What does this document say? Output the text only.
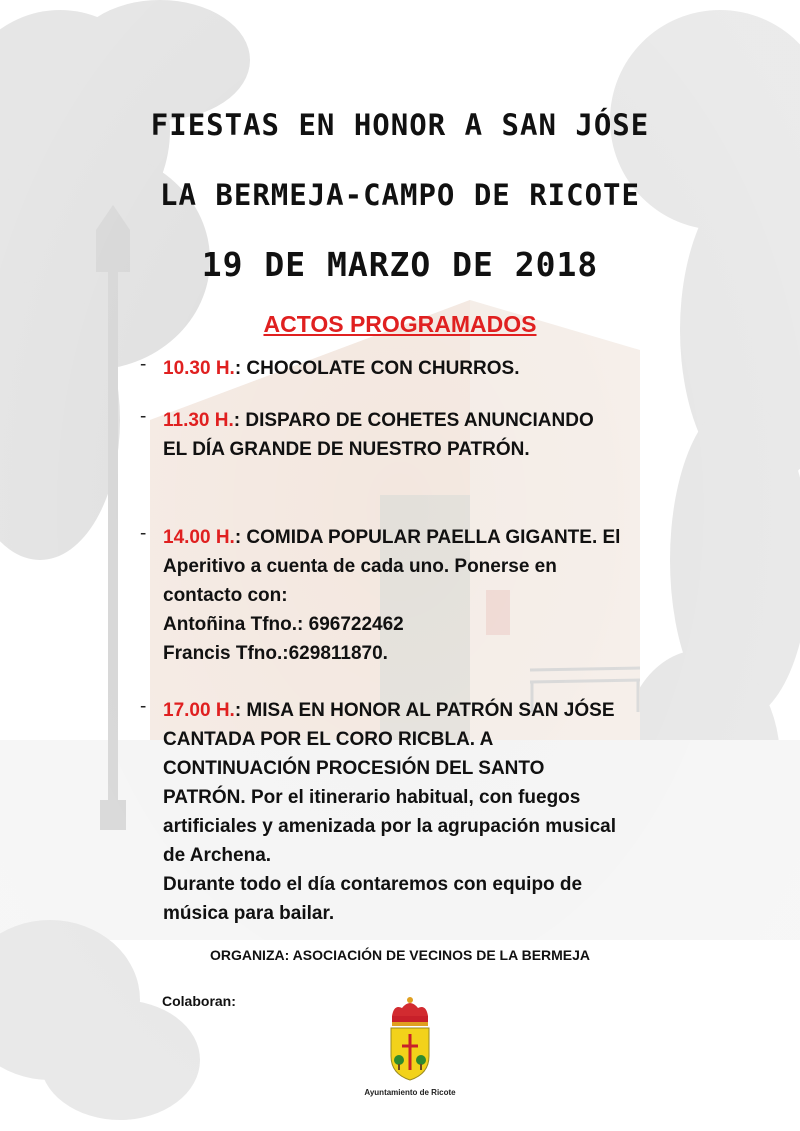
FIESTAS EN HONOR A SAN JÓSE
LA BERMEJA-CAMPO DE RICOTE
19 DE MARZO DE 2018
ACTOS PROGRAMADOS
- 10.30 H.: CHOCOLATE CON CHURROS.
- 11.30 H.: DISPARO DE COHETES ANUNCIANDO
EL DÍA GRANDE DE NUESTRO PATRÓN.
- 14.00 H.: COMIDA POPULAR PAELLA GIGANTE. El
Aperitivo a cuenta de cada uno. Ponerse en
contacto con:
Antoñina Tfno.: 696722462
Francis Tfno.:629811870.
- 17.00 H.: MISA EN HONOR AL PATRÓN SAN JÓSE
CANTADA POR EL CORO RICBLA. A
CONTINUACIÓN PROCESIÓN DEL SANTO
PATRÓN. Por el itinerario habitual, con fuegos
artificiales y amenizada por la agrupación musical
de Archena.
Durante todo el día contaremos con equipo de
música para bailar.
ORGANIZA: ASOCIACIÓN DE VECINOS DE LA BERMEJA
Colaboran:
Ayuntamiento de Ricote
